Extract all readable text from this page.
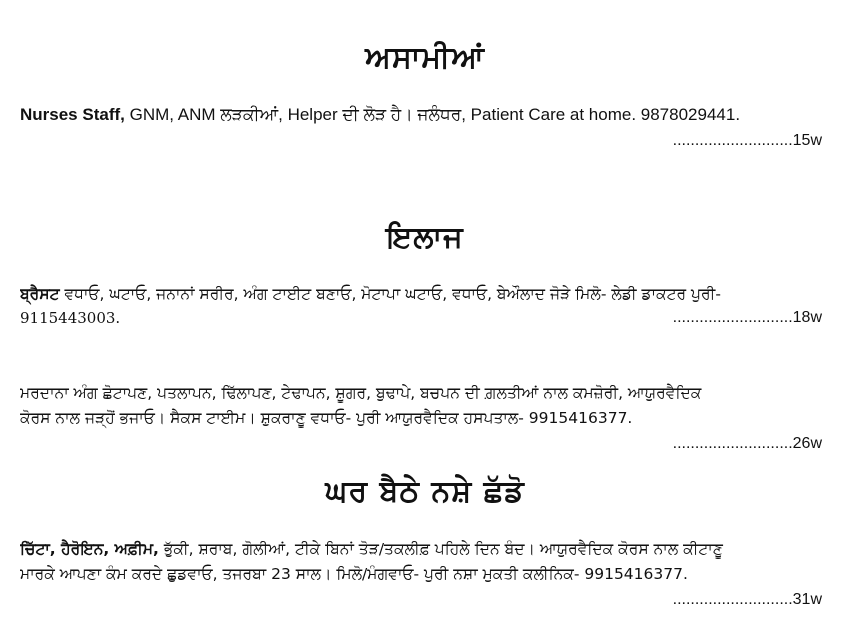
ਅਸਾਮੀਆਂ
Nurses Staff, GNM, ANM ਲੜਕੀਆਂ, Helper ਦੀ ਲੋੜ ਹੈ। ਜਲੰਧਰ, Patient Care at home. 9878029441.
...........................15w
ਇਲਾਜ
ਬ੍ਰੈਸਟ ਵਧਾਓ, ਘਟਾਓ, ਜਨਾਨਾਂ ਸਰੀਰ, ਅੰਗ ਟਾਈਟ ਬਣਾਓ, ਮੋਟਾਪਾ ਘਟਾਓ, ਵਧਾਓ, ਬੇਔਲਾਦ ਜੋੜੇ ਮਿਲੋ- ਲੇਡੀ ਡਾਕਟਰ ਪੁਰੀ-
9115443003.	...........................18w
ਮਰਦਾਨਾ ਅੰਗ ਛੋਟਾਪਣ, ਪਤਲਾਪਨ, ਢਿੱਲਾਪਣ, ਟੇਢਾਪਨ, ਸ਼ੂਗਰ, ਬੁਢਾਪੇ, ਬਚਪਨ ਦੀ ਗ਼ਲਤੀਆਂ ਨਾਲ ਕਮਜ਼ੋਰੀ, ਆਯੁਰਵੈਦਿਕ
ਕੋਰਸ ਨਾਲ ਜੜ੍ਹੋਂ ਭਜਾਓ। ਸੈਕਸ ਟਾਈਮ। ਸ਼ੁਕਰਾਣੂ ਵਧਾਓ- ਪੁਰੀ ਆਯੁਰਵੈਦਿਕ ਹਸਪਤਾਲ- 9915416377.
...........................26w
ਘਰ ਬੈਠੇ ਨਸ਼ੇ ਛੱਡੋ
ਚਿੱਟਾ, ਹੈਰੋਇਨ, ਅਫ਼ੀਮ, ਭੁੱਕੀ, ਸ਼ਰਾਬ, ਗੋਲੀਆਂ, ਟੀਕੇ ਬਿਨਾਂ ਤੋੜ/ਤਕਲੀਫ਼ ਪਹਿਲੇ ਦਿਨ ਬੰਦ। ਆਯੁਰਵੈਦਿਕ ਕੋਰਸ ਨਾਲ ਕੀਟਾਣੂ
ਮਾਰਕੇ ਆਪਣਾ ਕੰਮ ਕਰਦੇ ਛੁਡਵਾਓ, ਤਜਰਬਾ 23 ਸਾਲ। ਮਿਲੋ/ਮੰਗਵਾਓ- ਪੁਰੀ ਨਸ਼ਾ ਮੁਕਤੀ ਕਲੀਨਿਕ- 9915416377.
...........................31w
